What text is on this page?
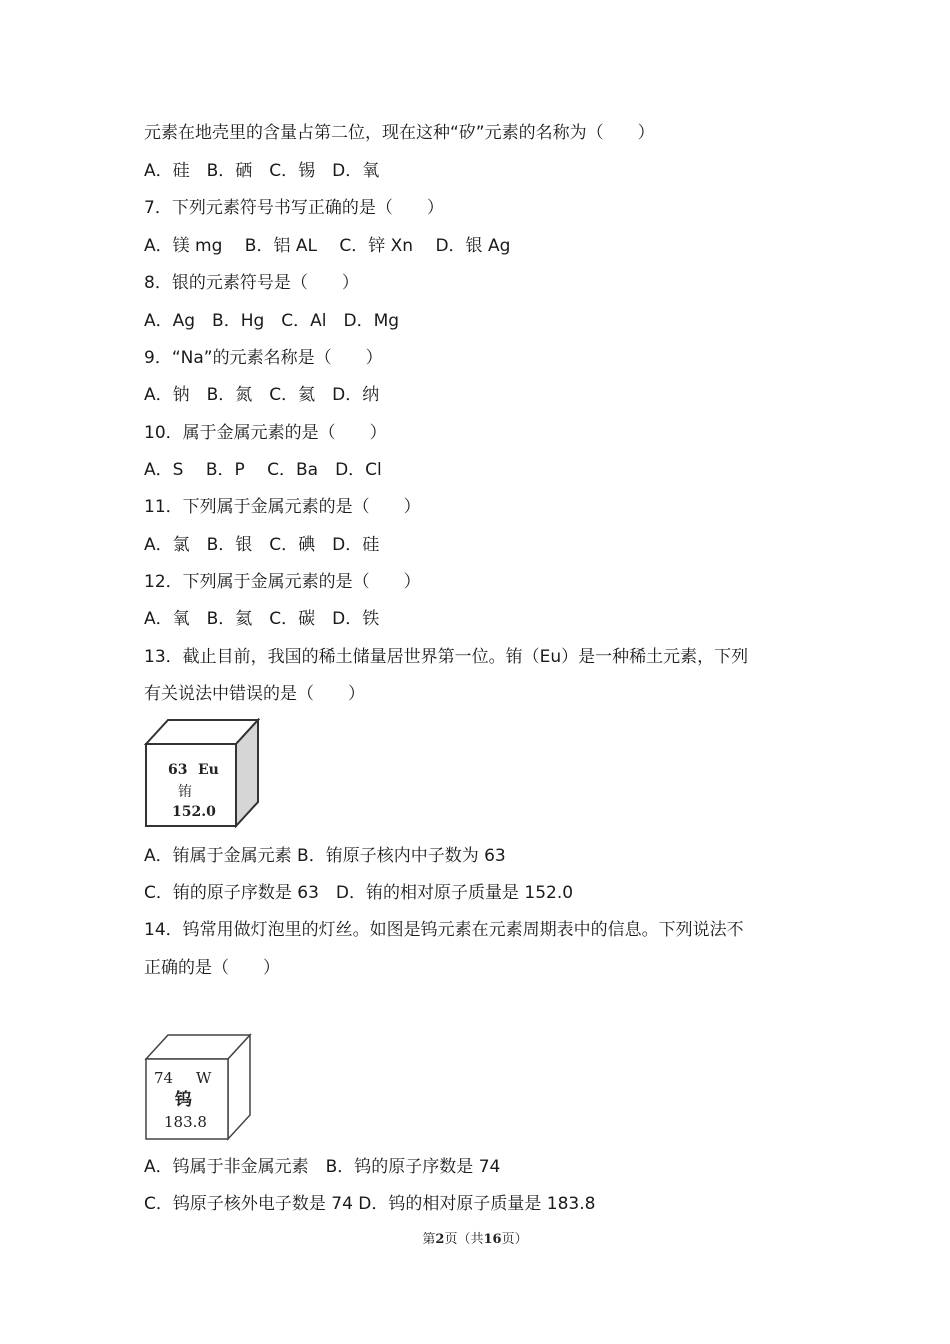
元素在地壳里的含量占第二位，现在这种“矽”元素的名称为（　　）
A．硅　B．硒　C．锡　D．氧
7．下列元素符号书写正确的是（　　）
A．镁 mg　 B．铝 AL　 C．锌 Xn　 D．银 Ag
8．银的元素符号是（　　）
A．Ag　B．Hg　C．Al　D．Mg
9．“Na”的元素名称是（　　）
A．钠　B．氮　C．氦　D．纳
10．属于金属元素的是（　　）
A．S　 B．P　 C．Ba　D．Cl
11．下列属于金属元素的是（　　）
A．氯　B．银　C．碘　D．硅
12．下列属于金属元素的是（　　）
A．氧　B．氦　C．碳　D．铁
13．截止目前，我国的稀土储量居世界第一位。铕（Eu）是一种稀土元素，下列
有关说法中错误的是（　　）
63 Eu
铕
152.0
A．铕属于金属元素 B．铕原子核内中子数为 63
C．铕的原子序数是 63　D．铕的相对原子质量是 152.0
14．钨常用做灯泡里的灯丝。如图是钨元素在元素周期表中的信息。下列说法不
正确的是（　　）
74 W
钨
183.8
A．钨属于非金属元素　B．钨的原子序数是 74
C．钨原子核外电子数是 74 D．钨的相对原子质量是 183.8
第2页（共16页）
